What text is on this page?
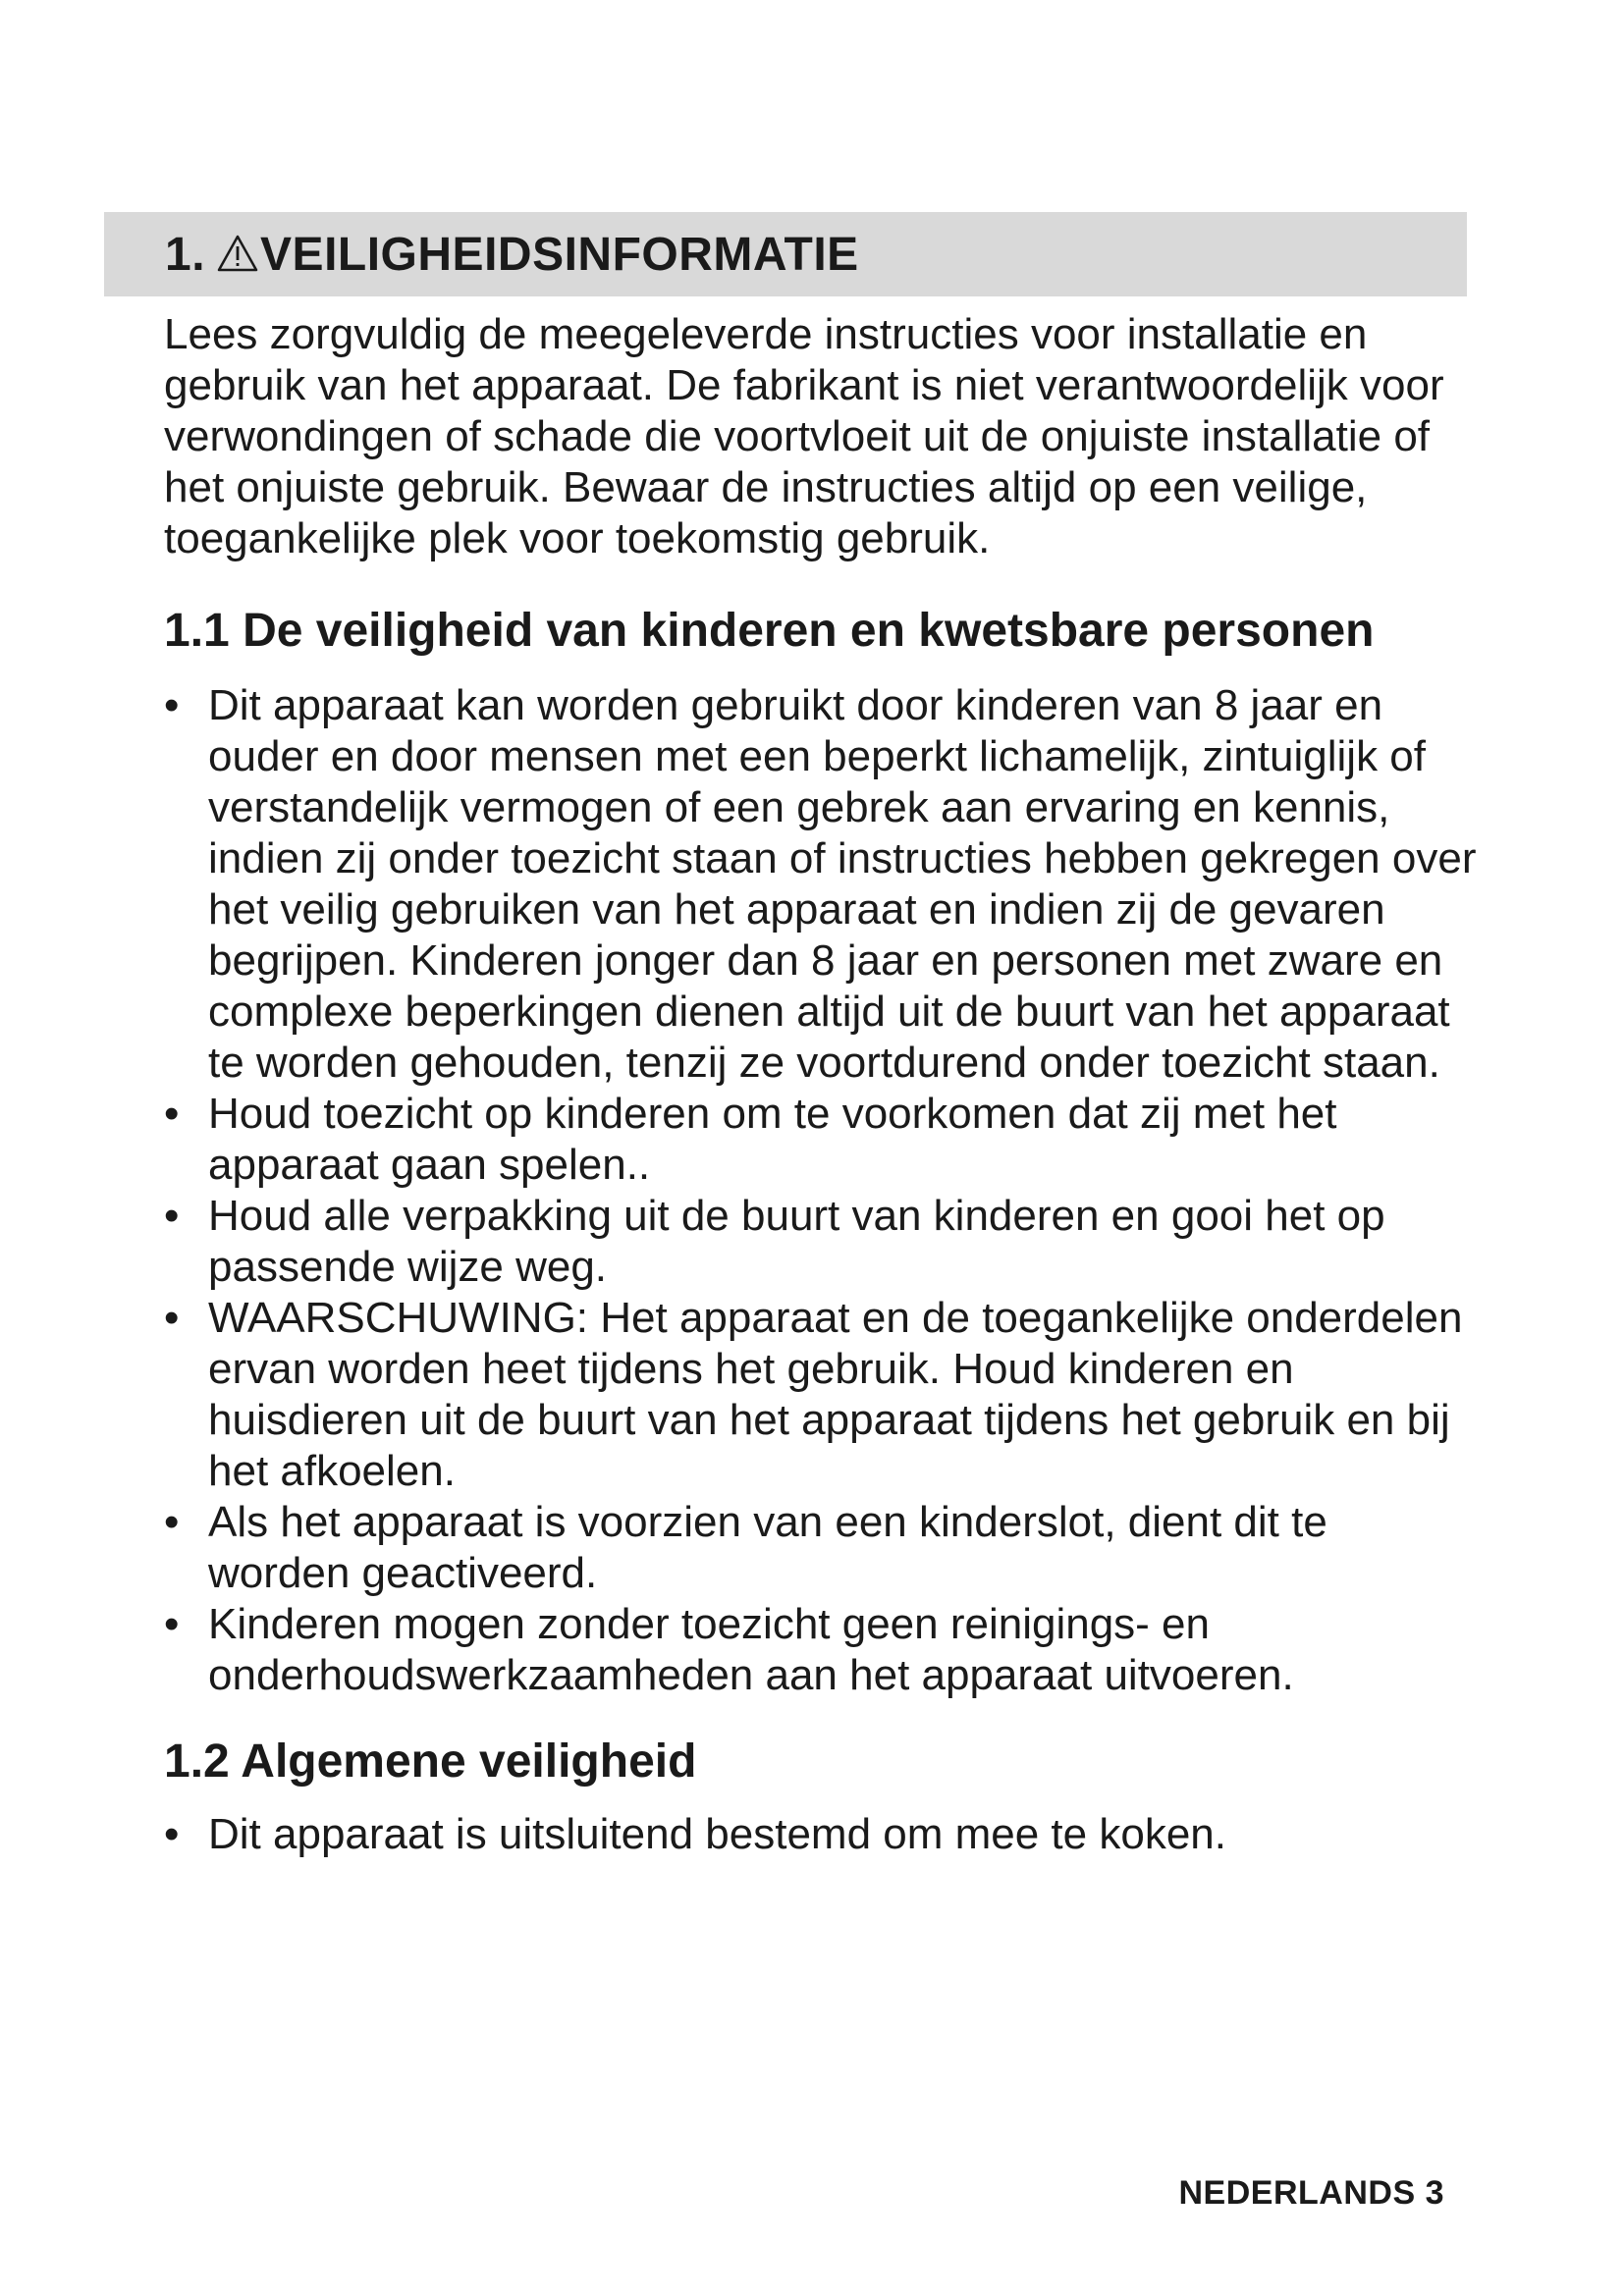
1. VEILIGHEIDSINFORMATIE

Lees zorgvuldig de meegeleverde instructies voor installatie en gebruik van het apparaat. De fabrikant is niet verantwoordelijk voor verwondingen of schade die voortvloeit uit de onjuiste installatie of het onjuiste gebruik. Bewaar de instructies altijd op een veilige, toegankelijke plek voor toekomstig gebruik.

1.1 De veiligheid van kinderen en kwetsbare personen
• Dit apparaat kan worden gebruikt door kinderen van 8 jaar en ouder en door mensen met een beperkt lichamelijk, zintuiglijk of verstandelijk vermogen of een gebrek aan ervaring en kennis, indien zij onder toezicht staan of instructies hebben gekregen over het veilig gebruiken van het apparaat en indien zij de gevaren begrijpen. Kinderen jonger dan 8 jaar en personen met zware en complexe beperkingen dienen altijd uit de buurt van het apparaat te worden gehouden, tenzij ze voortdurend onder toezicht staan.
• Houd toezicht op kinderen om te voorkomen dat zij met het apparaat gaan spelen..
• Houd alle verpakking uit de buurt van kinderen en gooi het op passende wijze weg.
• WAARSCHUWING: Het apparaat en de toegankelijke onderdelen ervan worden heet tijdens het gebruik. Houd kinderen en huisdieren uit de buurt van het apparaat tijdens het gebruik en bij het afkoelen.
• Als het apparaat is voorzien van een kinderslot, dient dit te worden geactiveerd.
• Kinderen mogen zonder toezicht geen reinigings- en onderhoudswerkzaamheden aan het apparaat uitvoeren.
1.2 Algemene veiligheid
• Dit apparaat is uitsluitend bestemd om mee te koken.
NEDERLANDS 3
